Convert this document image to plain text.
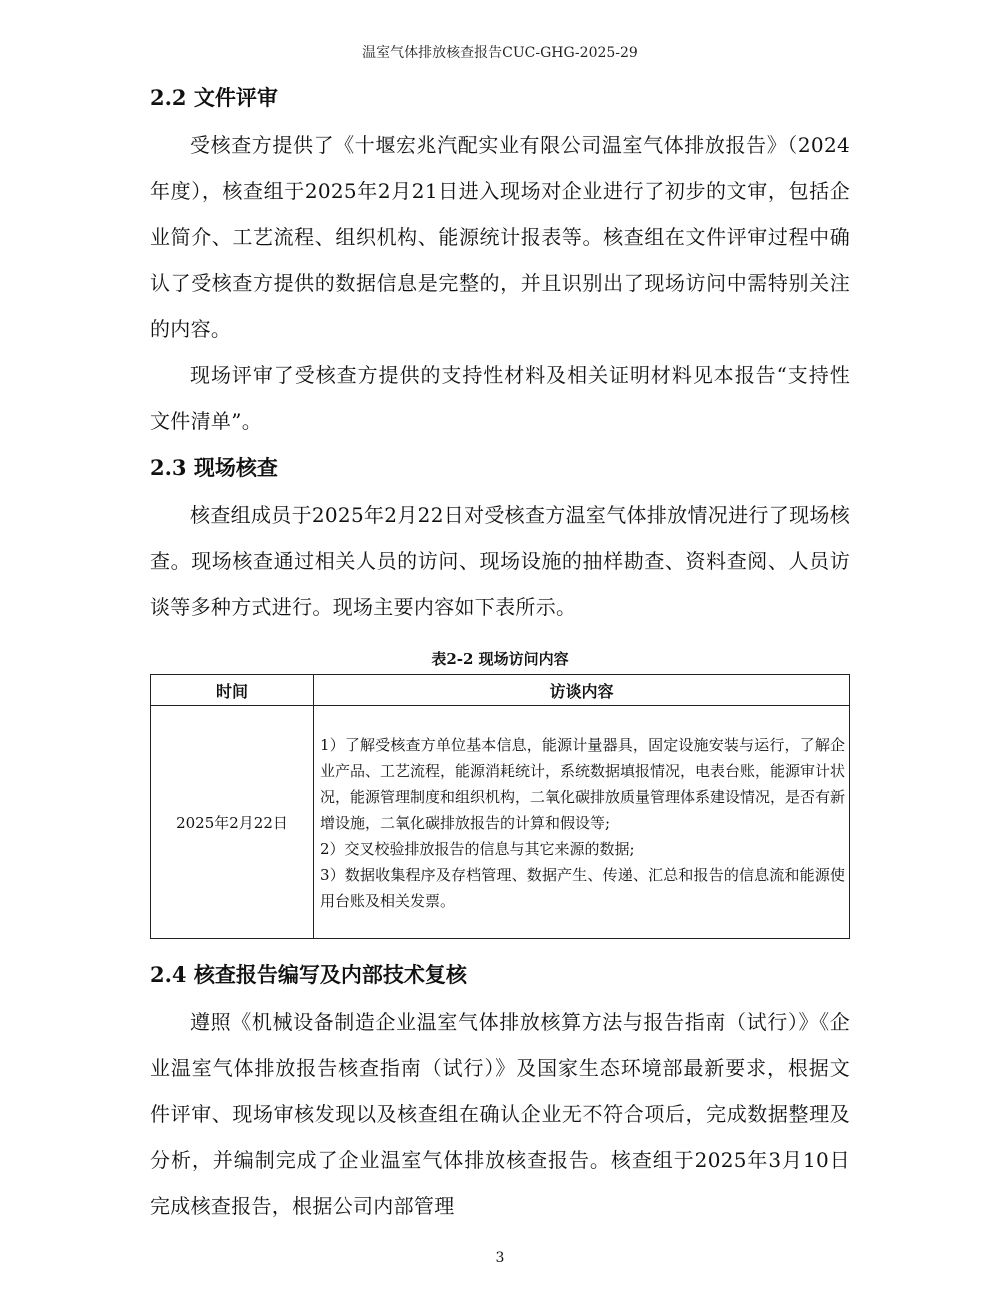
温室气体排放核查报告CUC-GHG-2025-29
2.2 文件评审

受核查方提供了《十堰宏兆汽配实业有限公司温室气体排放报告》（2024年度），核查组于2025年2月21日进入现场对企业进行了初步的文审，包括企业简介、工艺流程、组织机构、能源统计报表等。核查组在文件评审过程中确认了受核查方提供的数据信息是完整的，并且识别出了现场访问中需特别关注的内容。

现场评审了受核查方提供的支持性材料及相关证明材料见本报告“支持性文件清单”。

2.3 现场核查

核查组成员于2025年2月22日对受核查方温室气体排放情况进行了现场核查。现场核查通过相关人员的访问、现场设施的抽样勘查、资料查阅、人员访谈等多种方式进行。现场主要内容如下表所示。

表2-2 现场访问内容
时间	访谈内容
2025年2月22日	1）了解受核查方单位基本信息，能源计量器具，固定设施安装与运行，了解企业产品、工艺流程，能源消耗统计，系统数据填报情况，电表台账，能源审计状况，能源管理制度和组织机构，二氧化碳排放质量管理体系建设情况，是否有新增设施，二氧化碳排放报告的计算和假设等;
2）交叉校验排放报告的信息与其它来源的数据;
3）数据收集程序及存档管理、数据产生、传递、汇总和报告的信息流和能源使用台账及相关发票。
2.4 核查报告编写及内部技术复核

遵照《机械设备制造企业温室气体排放核算方法与报告指南（试行）》《企业温室气体排放报告核查指南（试行）》及国家生态环境部最新要求，根据文件评审、现场审核发现以及核查组在确认企业无不符合项后，完成数据整理及分析，并编制完成了企业温室气体排放核查报告。核查组于2025年3月10日完成核查报告，根据公司内部管理

3
